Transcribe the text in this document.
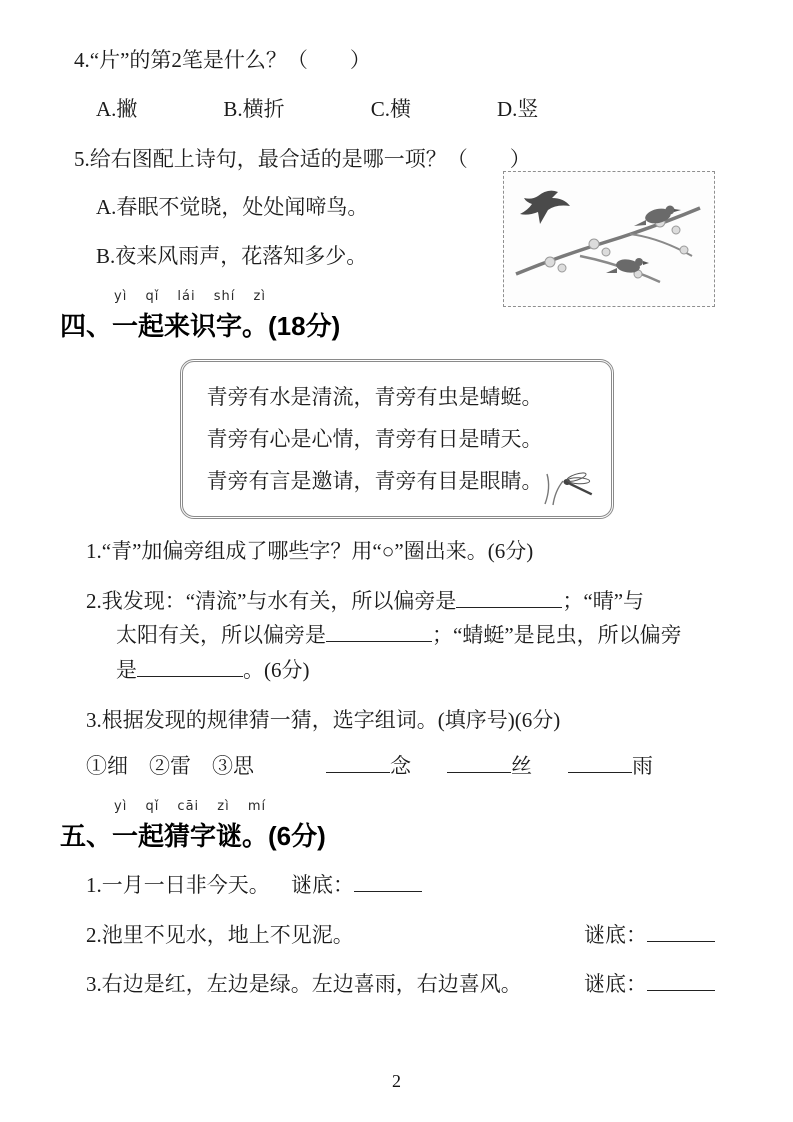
4.“片”的第2笔是什么？（　　）
A.撇	B.横折	C.横	D.竖
5.给右图配上诗句，最合适的是哪一项？（　　）
A.春眠不觉晓，处处闻啼鸟。
B.夜来风雨声，花落知多少。
yì qǐ lái shí zì
四、一起来识字。(18分)
青旁有水是清流，青旁有虫是蜻蜓。
青旁有心是心情，青旁有日是晴天。
青旁有言是邀请，青旁有目是眼睛。
1.“青”加偏旁组成了哪些字？用“○”圈出来。(6分)
2.我发现：“清流”与水有关，所以偏旁是	；“晴”与
太阳有关，所以偏旁是	；“蜻蜓”是昆虫，所以偏旁
是	。(6分)
3.根据发现的规律猜一猜，选字组词。(填序号)(6分)
①细　②雷　③思	念	丝	雨
yì qǐ cāi zì mí
五、一起猜字谜。(6分)
1.一月一日非今天。 谜底：
2.池里不见水，地上不见泥。	谜底：
3.右边是红，左边是绿。左边喜雨，右边喜风。	谜底：
2
